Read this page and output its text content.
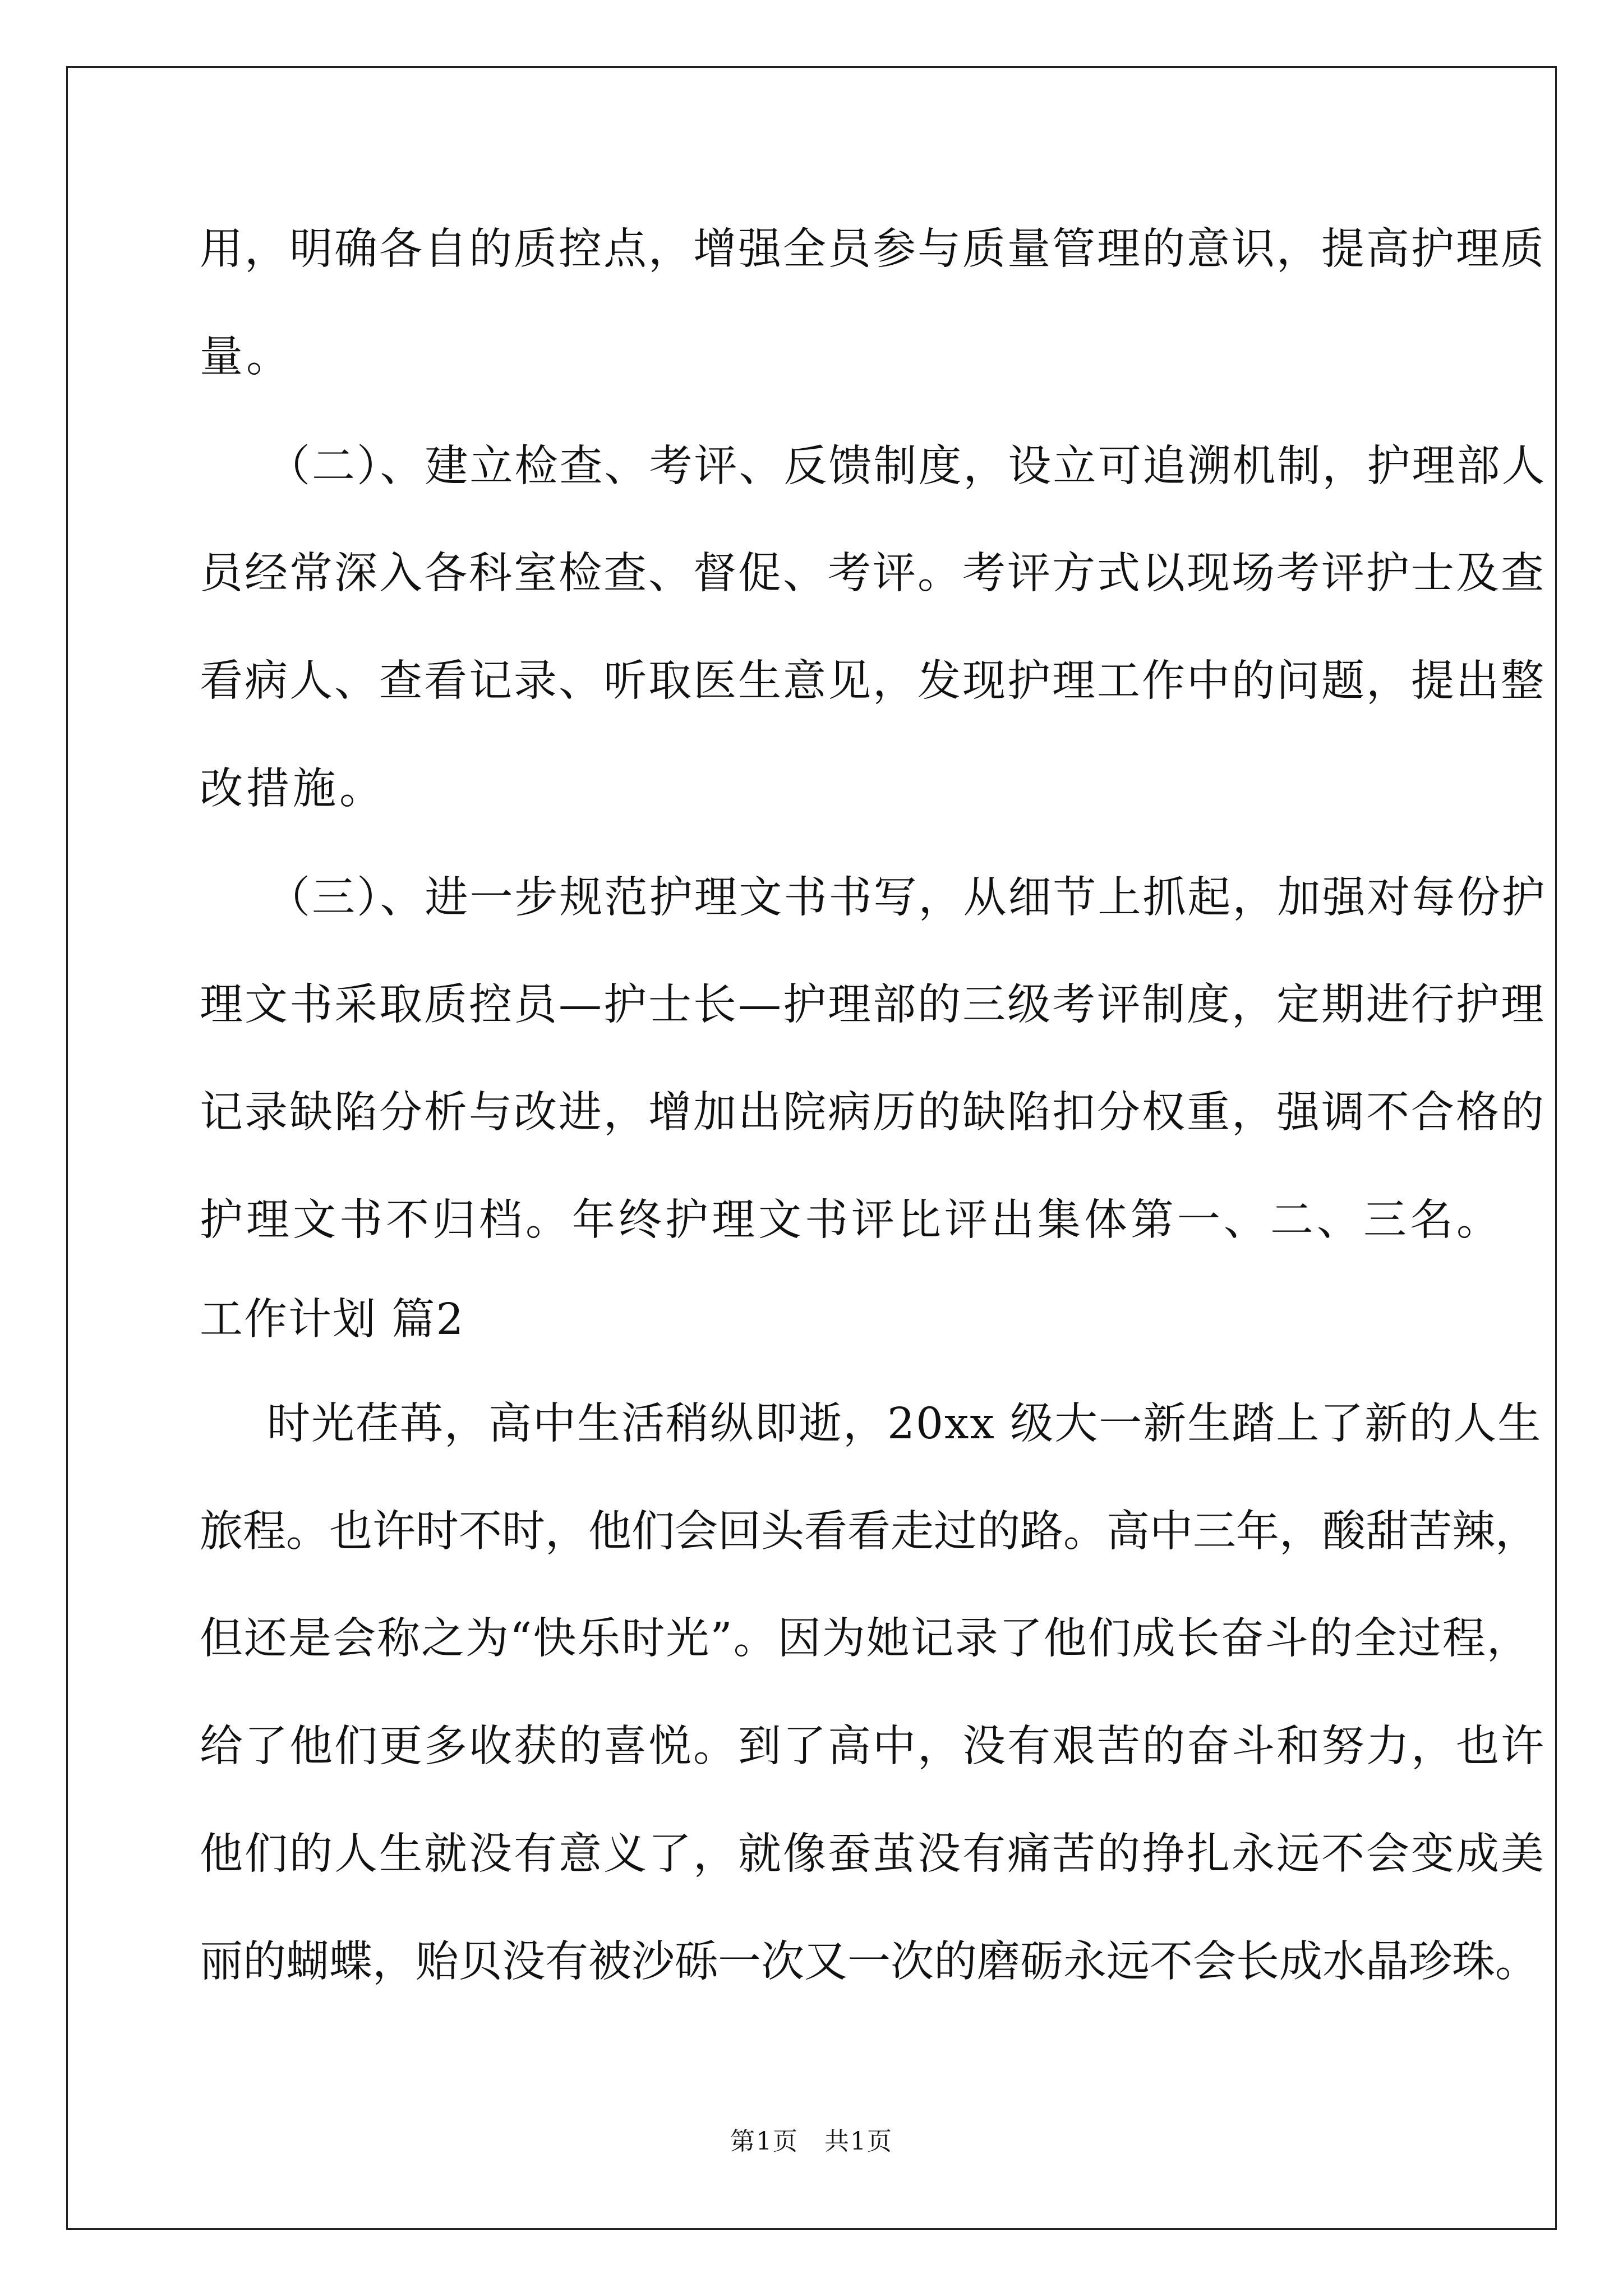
用，明确各自的质控点，增强全员参与质量管理的意识，提高护理质
量。
（二）、建立检查、考评、反馈制度，设立可追溯机制，护理部人
员经常深入各科室检查、督促、考评。考评方式以现场考评护士及查
看病人、查看记录、听取医生意见，发现护理工作中的问题，提出整
改措施。
（三）、进一步规范护理文书书写，从细节上抓起，加强对每份护
理文书采取质控员—护士长—护理部的三级考评制度，定期进行护理
记录缺陷分析与改进，增加出院病历的缺陷扣分权重，强调不合格的
护理文书不归档。年终护理文书评比评出集体第一、二、三名。
工作计划 篇2
时光荏苒，高中生活稍纵即逝，20xx 级大一新生踏上了新的人生
旅程。也许时不时，他们会回头看看走过的路。高中三年，酸甜苦辣，
但还是会称之为“快乐时光”。因为她记录了他们成长奋斗的全过程，
给了他们更多收获的喜悦。到了高中，没有艰苦的奋斗和努力，也许
他们的人生就没有意义了，就像蚕茧没有痛苦的挣扎永远不会变成美
丽的蝴蝶，贻贝没有被沙砾一次又一次的磨砺永远不会长成水晶珍珠。
第1页　共1页
